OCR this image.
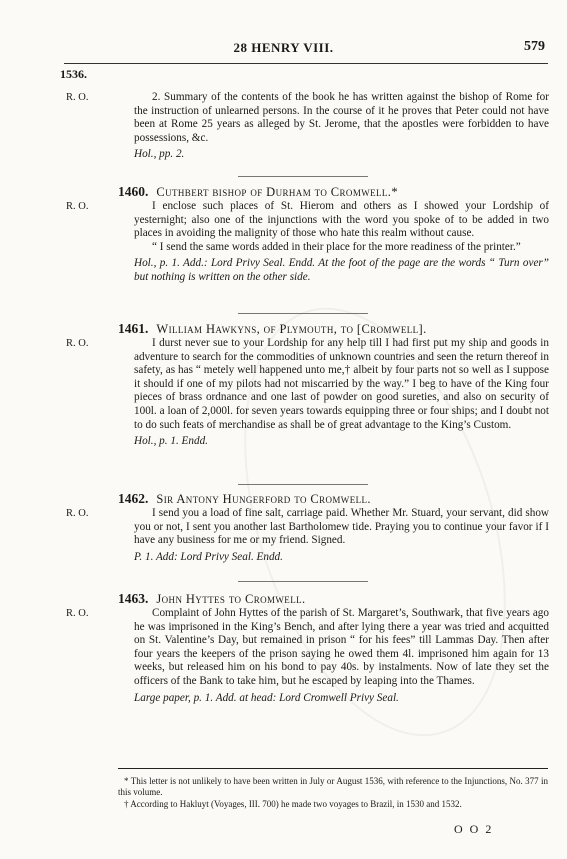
28 HENRY VIII.	579
1536.
R. O.	2. Summary of the contents of the book he has written against the bishop of Rome for the instruction of unlearned persons. In the course of it he proves that Peter could not have been at Rome 25 years as alleged by St. Jerome, that the apostles were forbidden to have possessions, &c.

Hol., pp. 2.

1460. Cuthbert bishop of Durham to Cromwell.*
R. O.	I enclose such places of St. Hierom and others as I showed your Lordship of yesternight; also one of the injunctions with the word you spoke of to be added in two places in avoiding the malignity of those who hate this realm without cause.

“ I send the same words added in their place for the more readiness of the printer.”

Hol., p. 1. Add.: Lord Privy Seal. Endd. At the foot of the page are the words “ Turn over” but nothing is written on the other side.

1461. William Hawkyns, of Plymouth, to [Cromwell].
R. O.	I durst never sue to your Lordship for any help till I had first put my ship and goods in adventure to search for the commodities of unknown countries and seen the return thereof in safety, as has “ metely well happened unto me,† albeit by four parts not so well as I suppose it should if one of my pilots had not miscarried by the way.” I beg to have of the King four pieces of brass ordnance and one last of powder on good sureties, and also on security of 100l. a loan of 2,000l. for seven years towards equipping three or four ships; and I doubt not to do such feats of merchandise as shall be of great advantage to the King’s Custom.

Hol., p. 1. Endd.

1462. Sir Antony Hungerford to Cromwell.
R. O.	I send you a load of fine salt, carriage paid. Whether Mr. Stuard, your servant, did show you or not, I sent you another last Bartholomew tide. Praying you to continue your favor if I have any business for me or my friend. Signed.

P. 1. Add: Lord Privy Seal. Endd.

1463. John Hyttes to Cromwell.
R. O.	Complaint of John Hyttes of the parish of St. Margaret’s, Southwark, that five years ago he was imprisoned in the King’s Bench, and after lying there a year was tried and acquitted on St. Valentine’s Day, but remained in prison “ for his fees” till Lammas Day. Then after four years the keepers of the prison saying he owed them 4l. imprisoned him again for 13 weeks, but released him on his bond to pay 40s. by instalments. Now of late they set the officers of the Bank to take him, but he escaped by leaping into the Thames.

Large paper, p. 1. Add. at head: Lord Cromwell Privy Seal.

* This letter is not unlikely to have been written in July or August 1536, with reference to the Injunctions, No. 377 in this volume.

† According to Hakluyt (Voyages, III. 700) he made two voyages to Brazil, in 1530 and 1532.

O O 2
